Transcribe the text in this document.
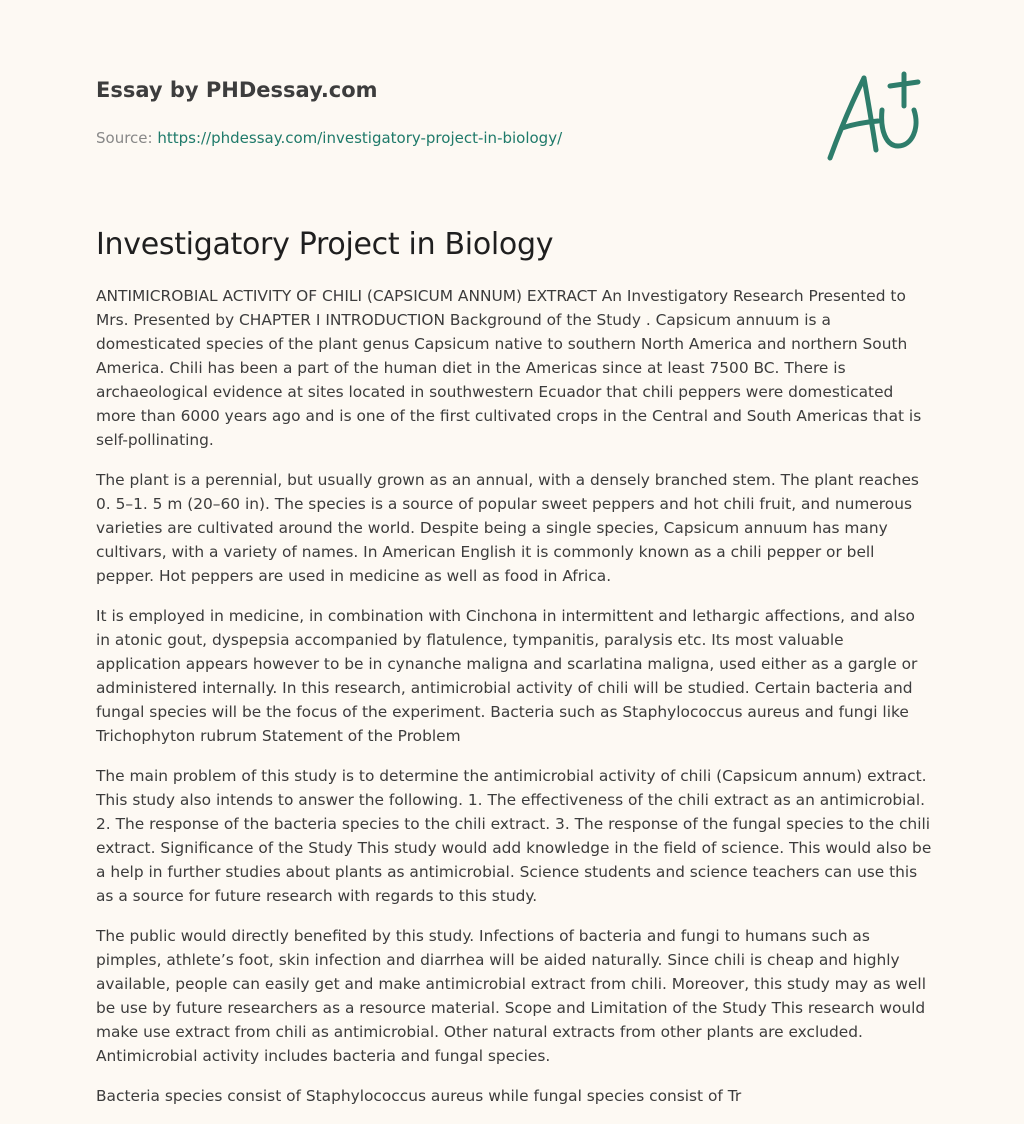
Essay by PHDessay.com
Source: https://phdessay.com/investigatory-project-in-biology/
Investigatory Project in Biology

ANTIMICROBIAL ACTIVITY OF CHILI (CAPSICUM ANNUM) EXTRACT An Investigatory Research Presented to Mrs. Presented by CHAPTER I INTRODUCTION Background of the Study . Capsicum annuum is a domesticated species of the plant genus Capsicum native to southern North America and northern South America. Chili has been a part of the human diet in the Americas since at least 7500 BC. There is archaeological evidence at sites located in southwestern Ecuador that chili peppers were domesticated more than 6000 years ago and is one of the first cultivated crops in the Central and South Americas that is self-pollinating.

The plant is a perennial, but usually grown as an annual, with a densely branched stem. The plant reaches 0. 5–1. 5 m (20–60 in). The species is a source of popular sweet peppers and hot chili fruit, and numerous varieties are cultivated around the world. Despite being a single species, Capsicum annuum has many cultivars, with a variety of names. In American English it is commonly known as a chili pepper or bell pepper. Hot peppers are used in medicine as well as food in Africa.

It is employed in medicine, in combination with Cinchona in intermittent and lethargic affections, and also in atonic gout, dyspepsia accompanied by flatulence, tympanitis, paralysis etc. Its most valuable application appears however to be in cynanche maligna and scarlatina maligna, used either as a gargle or administered internally. In this research, antimicrobial activity of chili will be studied. Certain bacteria and fungal species will be the focus of the experiment. Bacteria such as Staphylococcus aureus and fungi like Trichophyton rubrum Statement of the Problem

The main problem of this study is to determine the antimicrobial activity of chili (Capsicum annum) extract. This study also intends to answer the following. 1. The effectiveness of the chili extract as an antimicrobial. 2. The response of the bacteria species to the chili extract. 3. The response of the fungal species to the chili extract. Significance of the Study This study would add knowledge in the field of science. This would also be a help in further studies about plants as antimicrobial. Science students and science teachers can use this as a source for future research with regards to this study.

The public would directly benefited by this study. Infections of bacteria and fungi to humans such as pimples, athlete’s foot, skin infection and diarrhea will be aided naturally. Since chili is cheap and highly available, people can easily get and make antimicrobial extract from chili. Moreover, this study may as well be use by future researchers as a resource material. Scope and Limitation of the Study This research would make use extract from chili as antimicrobial. Other natural extracts from other plants are excluded. Antimicrobial activity includes bacteria and fungal species.

Bacteria species consist of Staphylococcus aureus while fungal species consist of Tr
